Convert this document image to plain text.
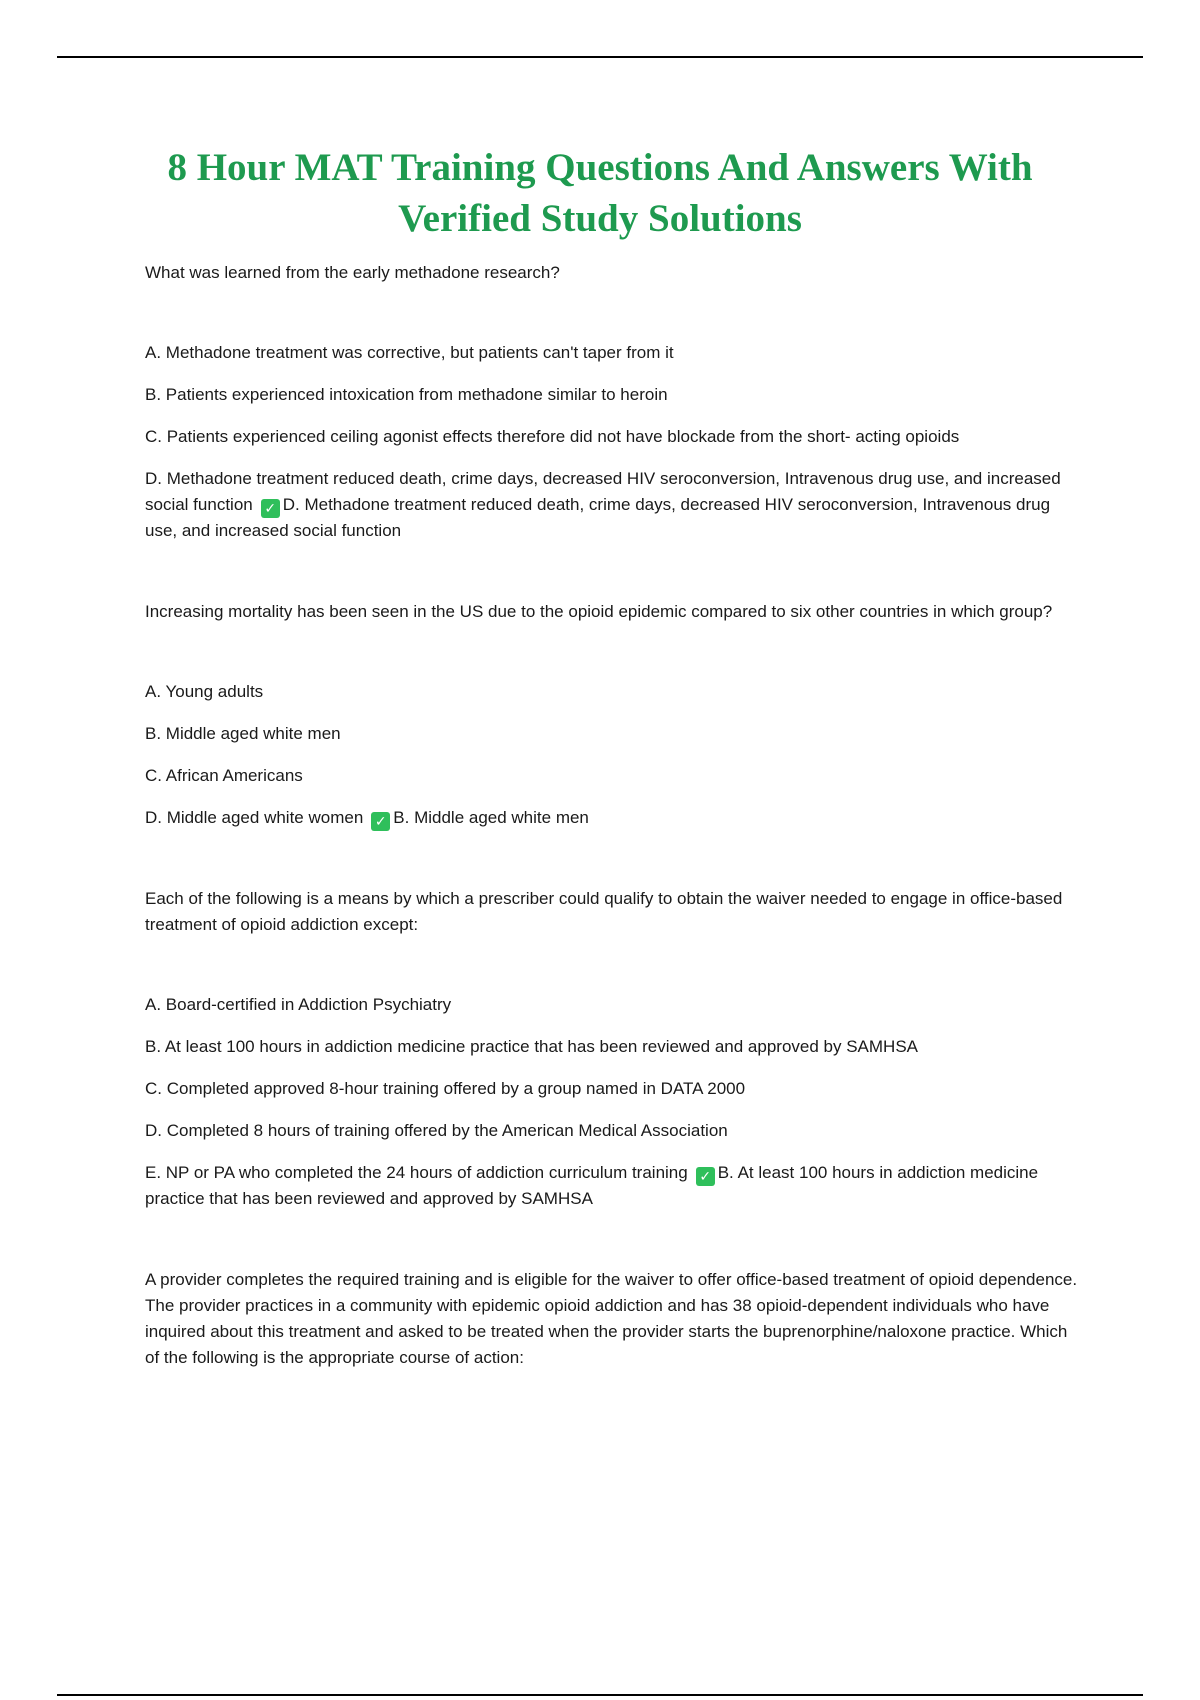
8 Hour MAT Training Questions And Answers With Verified Study Solutions

What was learned from the early methadone research?

A. Methadone treatment was corrective, but patients can't taper from it

B. Patients experienced intoxication from methadone similar to heroin

C. Patients experienced ceiling agonist effects therefore did not have blockade from the short- acting opioids

D. Methadone treatment reduced death, crime days, decreased HIV seroconversion, Intravenous drug use, and increased social function ✓ D. Methadone treatment reduced death, crime days, decreased HIV seroconversion, Intravenous drug use, and increased social function

Increasing mortality has been seen in the US due to the opioid epidemic compared to six other countries in which group?

A. Young adults

B. Middle aged white men

C. African Americans

D. Middle aged white women ✓ B. Middle aged white men

Each of the following is a means by which a prescriber could qualify to obtain the waiver needed to engage in office-based treatment of opioid addiction except:

A. Board-certified in Addiction Psychiatry

B. At least 100 hours in addiction medicine practice that has been reviewed and approved by SAMHSA

C. Completed approved 8-hour training offered by a group named in DATA 2000

D. Completed 8 hours of training offered by the American Medical Association

E. NP or PA who completed the 24 hours of addiction curriculum training ✓ B. At least 100 hours in addiction medicine practice that has been reviewed and approved by SAMHSA

A provider completes the required training and is eligible for the waiver to offer office-based treatment of opioid dependence. The provider practices in a community with epidemic opioid addiction and has 38 opioid-dependent individuals who have inquired about this treatment and asked to be treated when the provider starts the buprenorphine/naloxone practice. Which of the following is the appropriate course of action:
